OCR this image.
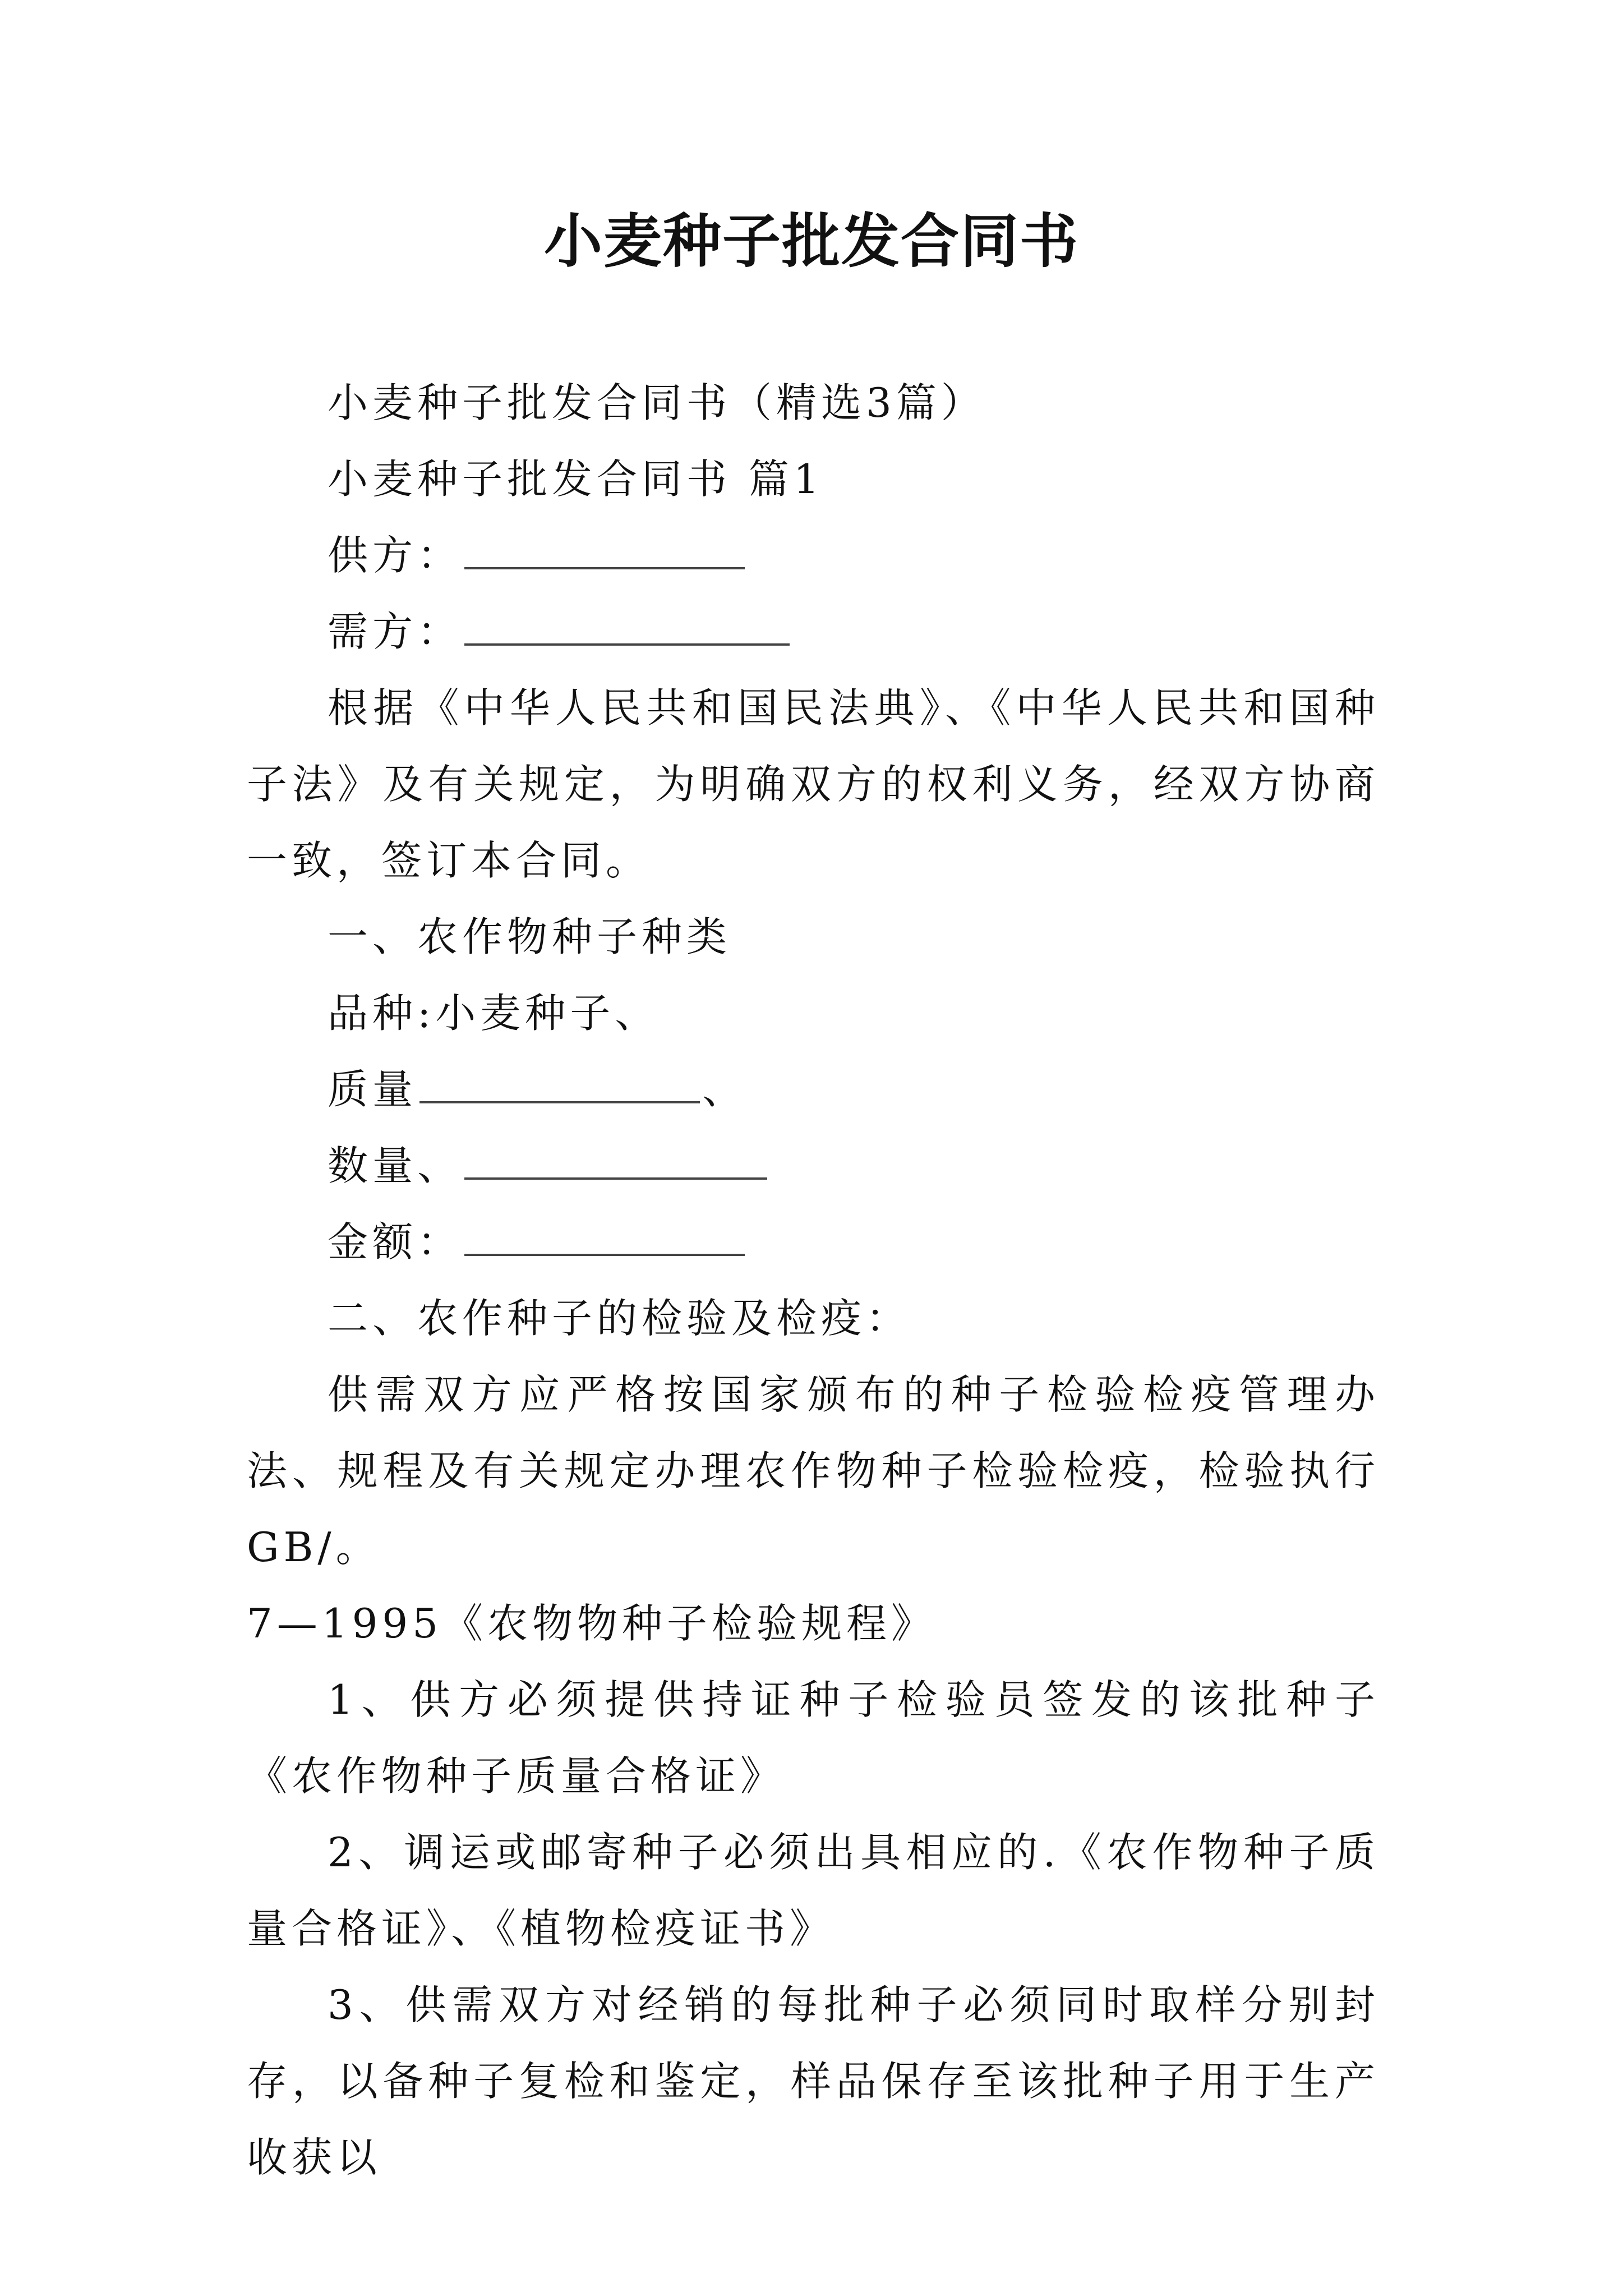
小麦种子批发合同书

小麦种子批发合同书（精选3篇）

小麦种子批发合同书 篇1

供方：

需方：

根据《中华人民共和国民法典》、《中华人民共和国种子法》及有关规定，为明确双方的权利义务，经双方协商一致，签订本合同。

一、农作物种子种类

品种:小麦种子、

质量	、

数量、

金额：

二、农作种子的检验及检疫：

供需双方应严格按国家颁布的种子检验检疫管理办法、规程及有关规定办理农作物种子检验检疫，检验执行GB/。

7—1995《农物物种子检验规程》

1、供方必须提供持证种子检验员签发的该批种子《农作物种子质量合格证》

2、调运或邮寄种子必须出具相应的.《农作物种子质量合格证》、《植物检疫证书》

3、供需双方对经销的每批种子必须同时取样分别封存，以备种子复检和鉴定，样品保存至该批种子用于生产收获以
